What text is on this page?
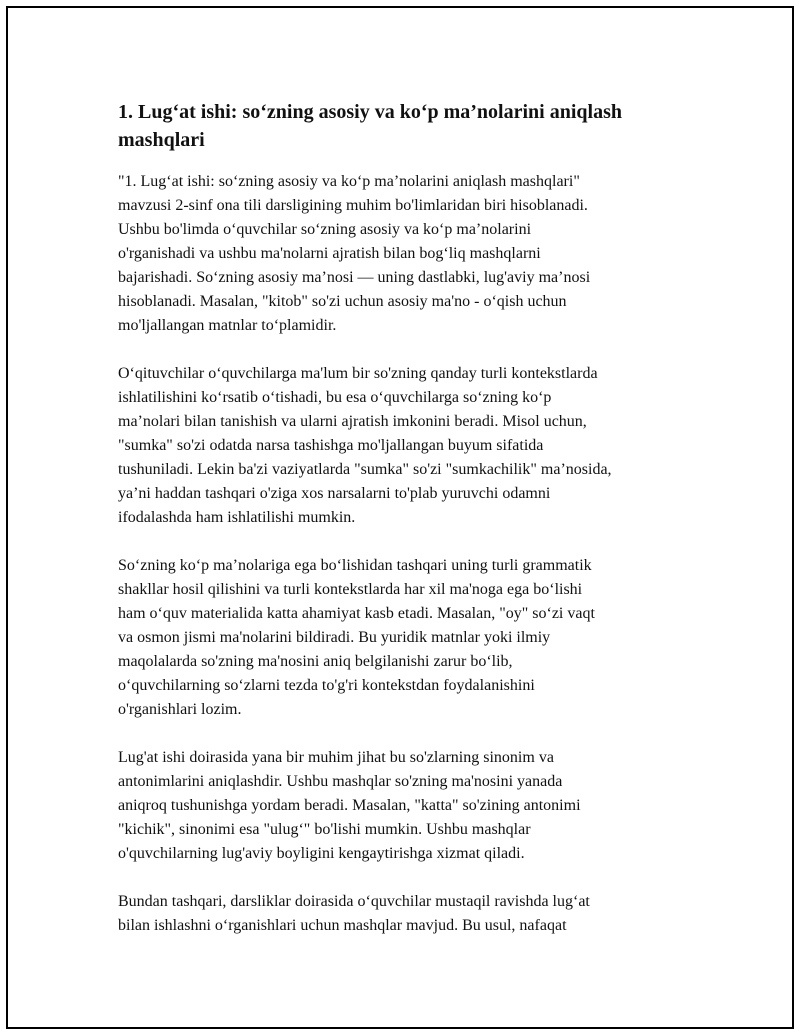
1. Lug‘at ishi: so‘zning asosiy va ko‘p ma’nolarini aniqlash mashqlari

"1. Lug‘at ishi: so‘zning asosiy va ko‘p ma’nolarini aniqlash mashqlari"
mavzusi 2-sinf ona tili darsligining muhim bo'limlaridan biri hisoblanadi.
Ushbu bo'limda o‘quvchilar so‘zning asosiy va ko‘p ma’nolarini
o'rganishadi va ushbu ma'nolarni ajratish bilan bog‘liq mashqlarni
bajarishadi. So‘zning asosiy ma’nosi — uning dastlabki, lug'aviy ma’nosi
hisoblanadi. Masalan, "kitob" so'zi uchun asosiy ma'no - o‘qish uchun
mo'ljallangan matnlar to‘plamidir.

O‘qituvchilar o‘quvchilarga ma'lum bir so'zning qanday turli kontekstlarda
ishlatilishini ko‘rsatib o‘tishadi, bu esa o‘quvchilarga so‘zning ko‘p
ma’nolari bilan tanishish va ularni ajratish imkonini beradi. Misol uchun,
"sumka" so'zi odatda narsa tashishga mo'ljallangan buyum sifatida
tushuniladi. Lekin ba'zi vaziyatlarda "sumka" so'zi "sumkachilik" ma’nosida,
ya’ni haddan tashqari o'ziga xos narsalarni to'plab yuruvchi odamni
ifodalashda ham ishlatilishi mumkin.

So‘zning ko‘p ma’nolariga ega bo‘lishidan tashqari uning turli grammatik
shakllar hosil qilishini va turli kontekstlarda har xil ma'noga ega bo‘lishi
ham o‘quv materialida katta ahamiyat kasb etadi. Masalan, "oy" so‘zi vaqt
va osmon jismi ma'nolarini bildiradi. Bu yuridik matnlar yoki ilmiy
maqolalarda so'zning ma'nosini aniq belgilanishi zarur bo‘lib,
o‘quvchilarning so‘zlarni tezda to'g'ri kontekstdan foydalanishini
o'rganishlari lozim.

Lug'at ishi doirasida yana bir muhim jihat bu so'zlarning sinonim va
antonimlarini aniqlashdir. Ushbu mashqlar so'zning ma'nosini yanada
aniqroq tushunishga yordam beradi. Masalan, "katta" so'zining antonimi
"kichik", sinonimi esa "ulug‘" bo'lishi mumkin. Ushbu mashqlar
o'quvchilarning lug'aviy boyligini kengaytirishga xizmat qiladi.

Bundan tashqari, darsliklar doirasida o‘quvchilar mustaqil ravishda lug‘at
bilan ishlashni o‘rganishlari uchun mashqlar mavjud. Bu usul, nafaqat
